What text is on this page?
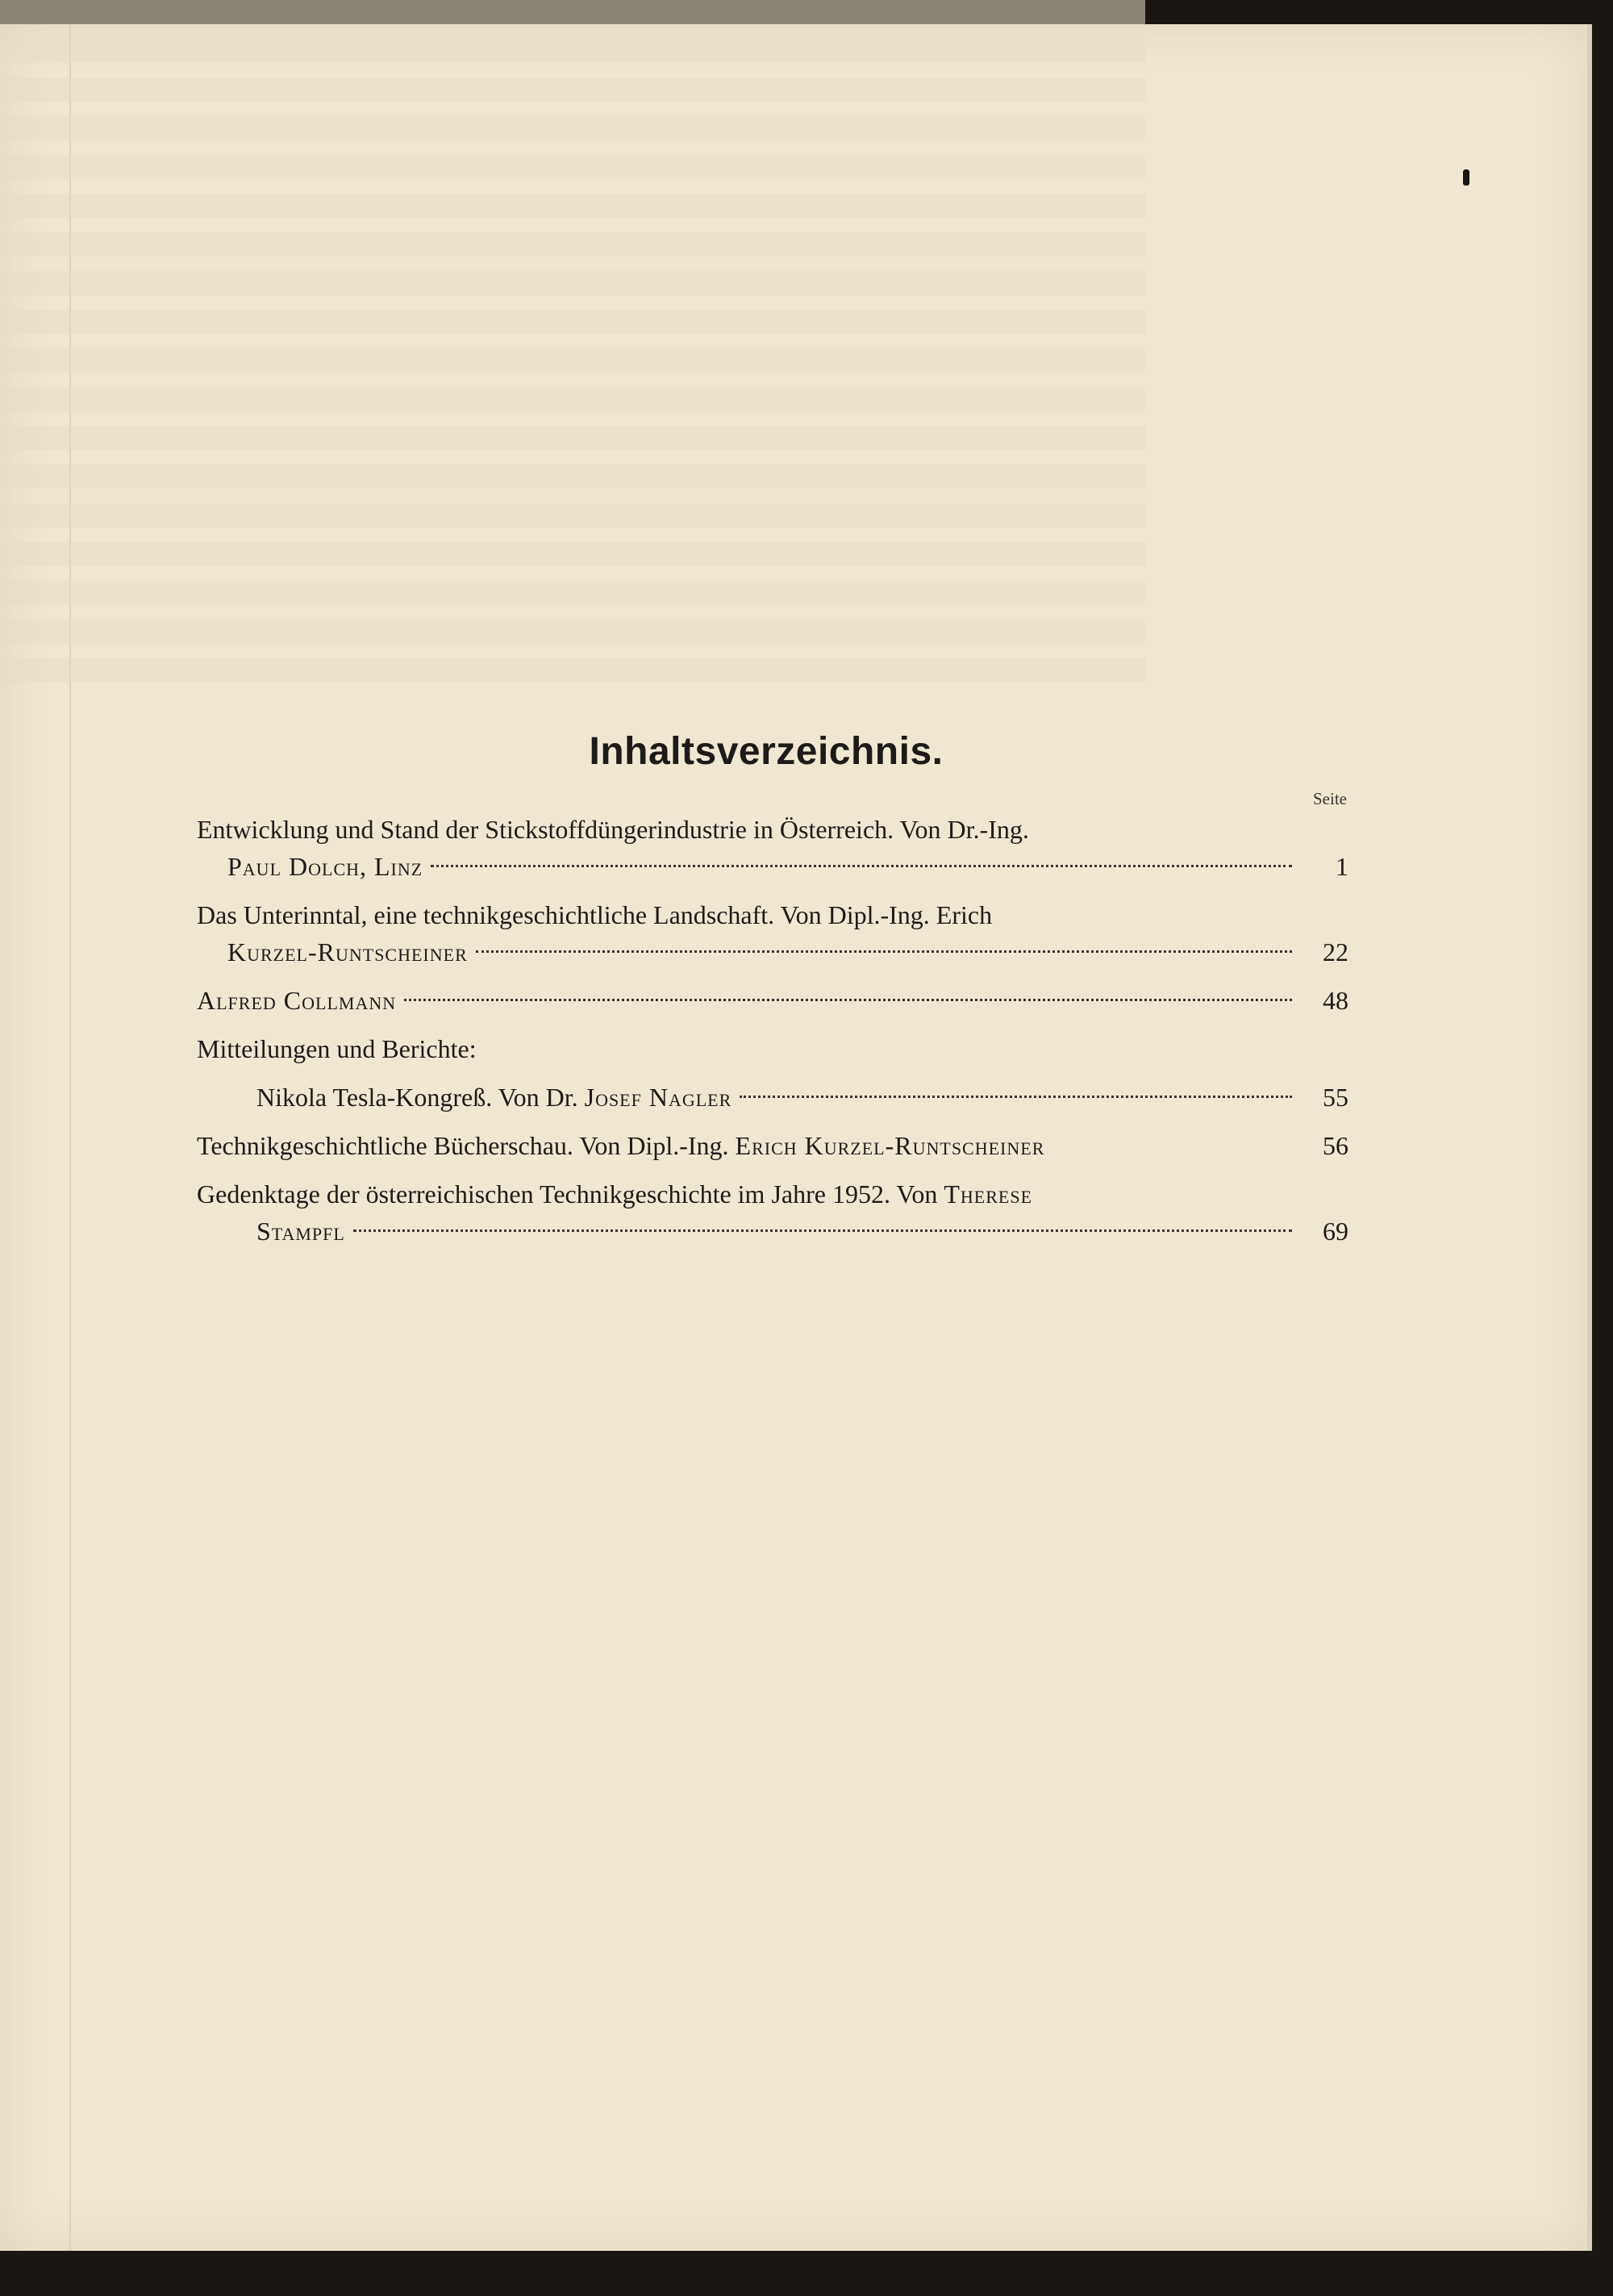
Inhaltsverzeichnis.
Seite
Entwicklung und Stand der Stickstoffdüngerindustrie in Österreich. Von Dr.-Ing.
Paul Dolch, Linz	1
Das Unterinntal, eine technikgeschichtliche Landschaft. Von Dipl.-Ing. Erich
Kurzel-Runtscheiner	22
Alfred Collmann	48
Mitteilungen und Berichte:
Nikola Tesla-Kongreß. Von Dr. Josef Nagler	55
Technikgeschichtliche Bücherschau. Von Dipl.-Ing. Erich Kurzel-Runtscheiner	56
Gedenktage der österreichischen Technikgeschichte im Jahre 1952. Von Therese
Stampfl	69
